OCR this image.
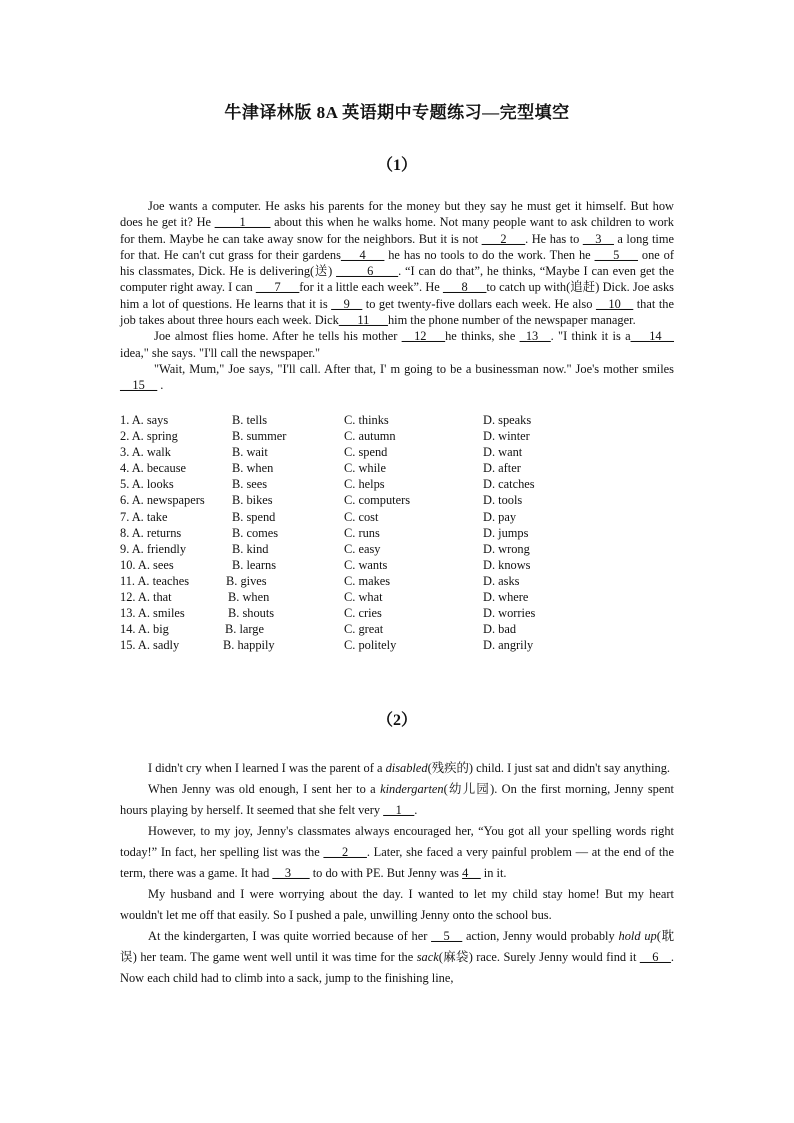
牛津译林版 8A 英语期中专题练习—完型填空
（1）

Joe wants a computer. He asks his parents for the money but they say he must get it himself. But how does he get it? He ____1____ about this when he walks home. Not many people want to ask children to work for them. Maybe he can take away snow for the neighbors. But it is not ___2___. He has to __3__ a long time for that. He can't cut grass for their gardens___4___ he has no tools to do the work. Then he ___5___ one of his classmates, Dick. He is delivering(送) _____6____. “I can do that”, he thinks, “Maybe I can even get the computer right away. I can ___7___for it a little each week”. He ___8___to catch up with(追赶) Dick. Joe asks him a lot of questions. He learns that it is __9__ to get twenty-five dollars each week. He also __10__ that the job takes about three hours each week. Dick___11___him the phone number of the newspaper manager.

Joe almost flies home. After he tells his mother __12___he thinks, she _13__. "I think it is a___14__ idea," she says. "I'll call the newspaper."

"Wait, Mum," Joe says, "I'll call. After that, I' m going to be a businessman now." Joe's mother smiles __15__ .

1. A. says	B. tells	C. thinks	D. speaks
2. A. spring	B. summer	C. autumn	D. winter
3. A. walk	B. wait	C. spend	D. want
4. A. because	B. when	C. while	D. after
5. A. looks	B. sees	C. helps	D. catches
6. A. newspapers B. bikes	C. computers	D. tools
7. A. take	B. spend	C. cost	D. pay
8. A. returns	B. comes	C. runs	D. jumps
9. A. friendly	B. kind	C. easy	D. wrong
10. A. sees	B. learns	C. wants	D. knows
11. A. teaches	B. gives	C. makes	D. asks
12. A. that	B. when	C. what	D. where
13. A. smiles	B. shouts	C. cries	D. worries
14. A. big	B. large	C. great	D. bad
15. A. sadly	B. happily	C. politely	D. angrily
（2）

I didn't cry when I learned I was the parent of a disabled(残疾的) child. I just sat and didn't say anything.

When Jenny was old enough, I sent her to a kindergarten(幼儿园). On the first morning, Jenny spent hours playing by herself. It seemed that she felt very __1__.

However, to my joy, Jenny's classmates always encouraged her, “You got all your spelling words right today!” In fact, her spelling list was the ___2___. Later, she faced a very painful problem — at the end of the term, there was a game. It had __3___ to do with PE. But Jenny was 4__ in it.

My husband and I were worrying about the day. I wanted to let my child stay home! But my heart wouldn't let me off that easily. So I pushed a pale, unwilling Jenny onto the school bus.

At the kindergarten, I was quite worried because of her __5__ action, Jenny would probably hold up(耽误) her team. The game went well until it was time for the sack(麻袋) race. Surely Jenny would find it __6__. Now each child had to climb into a sack, jump to the finishing line,
